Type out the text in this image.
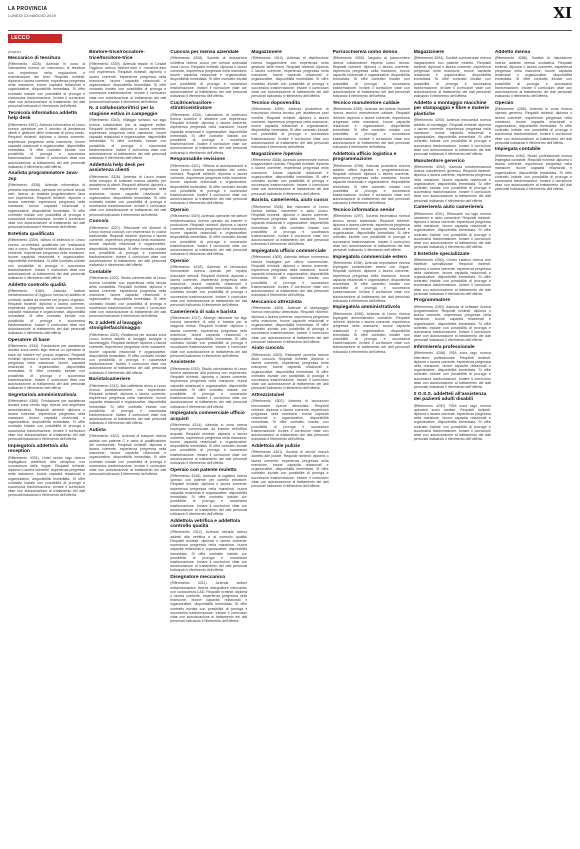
LA PROVINCIA
LUNEDÌ 13 MAGGIO 2019	XI
LECCO
(segue)
Meccanico di tessitura

(Riferimento 4328). Azienda in zona di Valmadrera ricerca un meccanico di tessitura con esperienza nella regolazione e manutenzione dei telai. Requisiti richiesti: diploma o laurea coerente, esperienza pregressa nella mansione, buone capacità relazionali e organizzative, disponibilità immediata. Si offre contratto iniziale con possibilità di proroga e successiva trasformazione. Inviare il curriculum vitae con autorizzazione al trattamento dei dati personali indicando il riferimento dell'offerta.

Tecnico/a informatico addetto help desk

(Riferimento 4357). Azienda informatica di Lecco ricerca operatore per il servizio di assistenza clienti e gestione delle chiamate di primo livello. Requisiti richiesti: diploma o laurea coerente, esperienza pregressa nella mansione, buone capacità relazionali e organizzative, disponibilità immediata. Si offre contratto iniziale con possibilità di proroga e successiva trasformazione. Inviare il curriculum vitae con autorizzazione al trattamento dei dati personali indicando il riferimento dell'offerta.

Analista programmatore Java-Jsp

(Riferimento 4336). Azienda informatica di primaria importanza, operante nel settore servizi web, ricerca un analista programmatore Java con esperienza. Requisiti richiesti: diploma o laurea coerente, esperienza pregressa nella mansione, buone capacità relazionali e organizzative, disponibilità immediata. Si offre contratto iniziale con possibilità di proroga e successiva trasformazione. Inviare il curriculum vitae con autorizzazione al trattamento dei dati personali indicando il riferimento dell'offerta.

Estetista qualificata

(Riferimento 4339). Istituto di bellezza in Lecco ricerca un'estetista qualificata per trattamenti viso e corpo. Requisiti richiesti: diploma o laurea coerente, esperienza pregressa nella mansione, buone capacità relazionali e organizzative, disponibilità immediata. Si offre contratto iniziale con possibilità di proroga e successiva trasformazione. Inviare il curriculum vitae con autorizzazione al trattamento dei dati personali indicando il riferimento dell'offerta.

Addetto controllo qualità

(Riferimento 4360). Azienda settore metalmeccanico di Oggiono ricerca un addetto al controllo qualità da inserire nel proprio organico. Requisiti richiesti: diploma o laurea coerente, esperienza pregressa nella mansione, buone capacità relazionali e organizzative, disponibilità immediata. Si offre contratto iniziale con possibilità di proroga e successiva trasformazione. Inviare il curriculum vitae con autorizzazione al trattamento dei dati personali indicando il riferimento dell'offerta.

Operatore di base

(Riferimento 4334). Fondazione per assistenza anziani zona centro lago ricerca un operatore di base da inserire nel proprio organico. Requisiti richiesti: diploma o laurea coerente, esperienza pregressa nella mansione, buone capacità relazionali e organizzative, disponibilità immediata. Si offre contratto iniziale con possibilità di proroga e successiva trasformazione. Inviare il curriculum vitae con autorizzazione al trattamento dei dati personali indicando il riferimento dell'offerta.

Segretario/a amministrativo/a

(Riferimento 4350). Fondazione per assistenza anziani zona centro lago ricerca una segretaria amministrativa. Requisiti richiesti: diploma o laurea coerente, esperienza pregressa nella mansione, buone capacità relazionali e organizzative, disponibilità immediata. Si offre contratto iniziale con possibilità di proroga e successiva trasformazione. Inviare il curriculum vitae con autorizzazione al trattamento dei dati personali indicando il riferimento dell'offerta.

Impiegato/a addetto/a alla reception

(Riferimento 4331). Hotel centro lago ricerca impiegato/a addetto/a alla reception con conoscenza delle lingue. Requisiti richiesti: diploma o laurea coerente, esperienza pregressa nella mansione, buone capacità relazionali e organizzative, disponibilità immediata. Si offre contratto iniziale con possibilità di proroga e successiva trasformazione. Inviare il curriculum vitae con autorizzazione al trattamento dei dati personali indicando il riferimento dell'offerta.

Binitore-trice/roccatore-trice/torcitore-trice

(Riferimento 4339). Azienda tessile in Cesate Oggiono ricerca binitore-trice e roccatore-trice con esperienza. Requisiti richiesti: diploma o laurea coerente, esperienza pregressa nella mansione, buone capacità relazionali e organizzative, disponibilità immediata. Si offre contratto iniziale con possibilità di proroga e successiva trasformazione. Inviare il curriculum vitae con autorizzazione al trattamento dei dati personali indicando il riferimento dell'offerta.

N. 4 collaboratori/trici per la stagione estiva in campeggio

(Riferimento 4343). Villaggio turistico sul lago ricerca collaboratori per la stagione estiva. Requisiti richiesti: diploma o laurea coerente, esperienza pregressa nella mansione, buone capacità relazionali e organizzative, disponibilità immediata. Si offre contratto iniziale con possibilità di proroga e successiva trasformazione. Inviare il curriculum vitae con autorizzazione al trattamento dei dati personali indicando il riferimento dell'offerta.

Addetto/a help desk per assistenza clienti

(Riferimento 4326). Azienda di Lecco leader nella sviluppo di software ricerca addetto per assistenza ai clienti. Requisiti richiesti: diploma o laurea coerente, esperienza pregressa nella mansione, buone capacità relazionali e organizzative, disponibilità immediata. Si offre contratto iniziale con possibilità di proroga e successiva trasformazione. Inviare il curriculum vitae con autorizzazione al trattamento dei dati personali indicando il riferimento dell'offerta.

Cuoco/a

(Riferimento 4327). Ristorante nei dintorni di Lecco ricerca cuoco/a con esperienza in cucina tradizionale. Requisiti richiesti: diploma o laurea coerente, esperienza pregressa nella mansione, buone capacità relazionali e organizzative, disponibilità immediata. Si offre contratto iniziale con possibilità di proroga e successiva trasformazione. Inviare il curriculum vitae con autorizzazione al trattamento dei dati personali indicando il riferimento dell'offerta.

Contabile

(Riferimento 4320). Studio commerciale di Lecco ricerca contabile con esperienza nella tenuta della contabilità. Requisiti richiesti: diploma o laurea coerente, esperienza pregressa nella mansione, buone capacità relazionali e organizzative, disponibilità immediata. Si offre contratto iniziale con possibilità di proroga e successiva trasformazione. Inviare il curriculum vitae con autorizzazione al trattamento dei dati personali indicando il riferimento dell'offerta.

N. 2 addetti al lavaggio stoviglie/facchinaggio

(Riferimento 4325). Residenza per anziani zona Lecco ricerca addetti al lavaggio stoviglie e facchinaggio. Requisiti richiesti: diploma o laurea coerente, esperienza pregressa nella mansione, buone capacità relazionali e organizzative, disponibilità immediata. Si offre contratto iniziale con possibilità di proroga e successiva trasformazione. Inviare il curriculum vitae con autorizzazione al trattamento dei dati personali indicando il riferimento dell'offerta.

Barista/cameriere

(Riferimento 4313). Bar caffetteria vicino a Lecco ricerca barista/cameriere con esperienza. Requisiti richiesti: diploma o laurea coerente, esperienza pregressa nella mansione, buone capacità relazionali e organizzative, disponibilità immediata. Si offre contratto iniziale con possibilità di proroga e successiva trasformazione. Inviare il curriculum vitae con autorizzazione al trattamento dei dati personali indicando il riferimento dell'offerta.

Autista

(Riferimento 4322). Azienda di trasporti ricerca autista con patente C e carta di qualificazione del conducente. Requisiti richiesti: diploma o laurea coerente, esperienza pregressa nella mansione, buone capacità relazionali e organizzative, disponibilità immediata. Si offre contratto iniziale con possibilità di proroga e successiva trasformazione. Inviare il curriculum vitae con autorizzazione al trattamento dei dati personali indicando il riferimento dell'offerta.

Cuoco/a per mensa aziendale

(Riferimento 4328). Società di ristorazione collettiva ricerca cuoco per mensa aziendale zona Lecco. Requisiti richiesti: diploma o laurea coerente, esperienza pregressa nella mansione, buone capacità relazionali e organizzative, disponibilità immediata. Si offre contratto iniziale con possibilità di proroga e successiva trasformazione. Inviare il curriculum vitae con autorizzazione al trattamento dei dati personali indicando il riferimento dell'offerta.

Cucitrice/cucitore - stiratrice/stiratore

(Riferimento 4324). Laboratorio di confezioni ricerca cucitrice e stiratrice con esperienza. Requisiti richiesti: diploma o laurea coerente, esperienza pregressa nella mansione, buone capacità relazionali e organizzative, disponibilità immediata. Si offre contratto iniziale con possibilità di proroga e successiva trasformazione. Inviare il curriculum vitae con autorizzazione al trattamento dei dati personali indicando il riferimento dell'offerta.

Responsabile revisione

(Riferimento 4321). Officina di autoriparazioni in zona Lecco ricerca responsabile del centro revisioni. Requisiti richiesti: diploma o laurea coerente, esperienza pregressa nella mansione, buone capacità relazionali e organizzative, disponibilità immediata. Si offre contratto iniziale con possibilità di proroga e successiva trasformazione. Inviare il curriculum vitae con autorizzazione al trattamento dei dati personali indicando il riferimento dell'offerta.

Operaio

(Riferimento 4319). Azienda operante nel settore metalmeccanico ricerca operaio da inserire in produzione. Requisiti richiesti: diploma o laurea coerente, esperienza pregressa nella mansione, buone capacità relazionali e organizzative, disponibilità immediata. Si offre contratto iniziale con possibilità di proroga e successiva trasformazione. Inviare il curriculum vitae con autorizzazione al trattamento dei dati personali indicando il riferimento dell'offerta.

Operaio

(Riferimento 4318). Azienda di lavorazioni meccaniche ricerca operaio per reparto macchine utensili. Requisiti richiesti: diploma o laurea coerente, esperienza pregressa nella mansione, buone capacità relazionali e organizzative, disponibilità immediata. Si offre contratto iniziale con possibilità di proroga e successiva trasformazione. Inviare il curriculum vitae con autorizzazione al trattamento dei dati personali indicando il riferimento dell'offerta.

Cameriere/a di sala e barista

(Riferimento 4317). Albergo ristorante sul lago ricerca cameriere di sala e barista per la stagione estiva. Requisiti richiesti: diploma o laurea coerente, esperienza pregressa nella mansione, buone capacità relazionali e organizzative, disponibilità immediata. Si offre contratto iniziale con possibilità di proroga e successiva trasformazione. Inviare il curriculum vitae con autorizzazione al trattamento dei dati personali indicando il riferimento dell'offerta.

Assistente

(Riferimento 4315). Studio odontoiatrico di Lecco ricerca assistente alla poltrona con esperienza. Requisiti richiesti: diploma o laurea coerente, esperienza pregressa nella mansione, buone capacità relazionali e organizzative, disponibilità immediata. Si offre contratto iniziale con possibilità di proroga e successiva trasformazione. Inviare il curriculum vitae con autorizzazione al trattamento dei dati personali indicando il riferimento dell'offerta.

Impiegato/a commerciale ufficio acquisti

(Riferimento 4314). Azienda in zona ricerca impiegato commerciale da inserire nell'ufficio acquisti. Requisiti richiesti: diploma o laurea coerente, esperienza pregressa nella mansione, buone capacità relazionali e organizzative, disponibilità immediata. Si offre contratto iniziale con possibilità di proroga e successiva trasformazione. Inviare il curriculum vitae con autorizzazione al trattamento dei dati personali indicando il riferimento dell'offerta.

Operaio con patente muletto

(Riferimento 4316). Azienda di logistica ricerca operaio con patente per carrello elevatore. Requisiti richiesti: diploma o laurea coerente, esperienza pregressa nella mansione, buone capacità relazionali e organizzative, disponibilità immediata. Si offre contratto iniziale con possibilità di proroga e successiva trasformazione. Inviare il curriculum vitae con autorizzazione al trattamento dei dati personali indicando il riferimento dell'offerta.

Addetto/a vetrifica e addetto/a controllo qualità

(Riferimento 4312). Azienda vetraria ricerca addetti alla vetrifica e al controllo qualità. Requisiti richiesti: diploma o laurea coerente, esperienza pregressa nella mansione, buone capacità relazionali e organizzative, disponibilità immediata. Si offre contratto iniziale con possibilità di proroga e successiva trasformazione. Inviare il curriculum vitae con autorizzazione al trattamento dei dati personali indicando il riferimento dell'offerta.

Disegnatore meccanico

(Riferimento 4311). Azienda settore metalmeccanico ricerca disegnatore meccanico con conoscenza CAD. Requisiti richiesti: diploma o laurea coerente, esperienza pregressa nella mansione, buone capacità relazionali e organizzative, disponibilità immediata. Si offre contratto iniziale con possibilità di proroga e successiva trasformazione. Inviare il curriculum vitae con autorizzazione al trattamento dei dati personali indicando il riferimento dell'offerta.

Magazziniere

(Riferimento 4310). Azienda di distribuzione ricerca magazziniere con esperienza nella gestione delle merci. Requisiti richiesti: diploma o laurea coerente, esperienza pregressa nella mansione, buone capacità relazionali e organizzative, disponibilità immediata. Si offre contratto iniziale con possibilità di proroga e successiva trasformazione. Inviare il curriculum vitae con autorizzazione al trattamento dei dati personali indicando il riferimento dell'offerta.

Tecnico dopovendita

(Riferimento 4309). Azienda produttrice di macchinari ricerca tecnico per assistenza post vendita. Requisiti richiesti: diploma o laurea coerente, esperienza pregressa nella mansione, buone capacità relazionali e organizzative, disponibilità immediata. Si offre contratto iniziale con possibilità di proroga e successiva trasformazione. Inviare il curriculum vitae con autorizzazione al trattamento dei dati personali indicando il riferimento dell'offerta.

Magazziniere /operaio

(Riferimento 4308). Azienda commerciale ricerca magazziniere operaio. Requisiti richiesti: diploma o laurea coerente, esperienza pregressa nella mansione, buone capacità relazionali e organizzative, disponibilità immediata. Si offre contratto iniziale con possibilità di proroga e successiva trasformazione. Inviare il curriculum vitae con autorizzazione al trattamento dei dati personali indicando il riferimento dell'offerta.

Barista, cameriere/a, aiuto cuoco

(Riferimento 4306). Bar ristorante in Lecco ricerca barista, cameriere e aiuto cuoco. Requisiti richiesti: diploma o laurea coerente, esperienza pregressa nella mansione, buone capacità relazionali e organizzative, disponibilità immediata. Si offre contratto iniziale con possibilità di proroga e successiva trasformazione. Inviare il curriculum vitae con autorizzazione al trattamento dei dati personali indicando il riferimento dell'offerta.

Impiegato/a ufficio commerciale

(Riferimento 4305). Azienda settore commercio ricerca impiegata per ufficio commerciale. Requisiti richiesti: diploma o laurea coerente, esperienza pregressa nella mansione, buone capacità relazionali e organizzative, disponibilità immediata. Si offre contratto iniziale con possibilità di proroga e successiva trasformazione. Inviare il curriculum vitae con autorizzazione al trattamento dei dati personali indicando il riferimento dell'offerta.

Meccanico attrezzista

(Riferimento 4304). Azienda di stampaggio ricerca meccanico attrezzista. Requisiti richiesti: diploma o laurea coerente, esperienza pregressa nella mansione, buone capacità relazionali e organizzative, disponibilità immediata. Si offre contratto iniziale con possibilità di proroga e successiva trasformazione. Inviare il curriculum vitae con autorizzazione al trattamento dei dati personali indicando il riferimento dell'offerta.

Aiuto cuoco/a

(Riferimento 4303). Ristorante pizzeria ricerca aiuto cuoco/a. Requisiti richiesti: diploma o laurea coerente, esperienza pregressa nella mansione, buone capacità relazionali e organizzative, disponibilità immediata. Si offre contratto iniziale con possibilità di proroga e successiva trasformazione. Inviare il curriculum vitae con autorizzazione al trattamento dei dati personali indicando il riferimento dell'offerta.

Attrezzista/sel

(Riferimento 4302). Azienda di lavorazioni meccaniche ricerca attrezzista. Requisiti richiesti: diploma o laurea coerente, esperienza pregressa nella mansione, buone capacità relazionali e organizzative, disponibilità immediata. Si offre contratto iniziale con possibilità di proroga e successiva trasformazione. Inviare il curriculum vitae con autorizzazione al trattamento dei dati personali indicando il riferimento dell'offerta.

Addetto/a alle pulizie

(Riferimento 4301). Società di servizi ricerca addetto alle pulizie. Requisiti richiesti: diploma o laurea coerente, esperienza pregressa nella mansione, buone capacità relazionali e organizzative, disponibilità immediata. Si offre contratto iniziale con possibilità di proroga e successiva trasformazione. Inviare il curriculum vitae con autorizzazione al trattamento dei dati personali indicando il riferimento dell'offerta.

Parrucchiere/a uomo donna

(Riferimento 4300). Negozio di parrucchiere ricerca collaboratore esperto uomo donna. Requisiti richiesti: diploma o laurea coerente, esperienza pregressa nella mansione, buone capacità relazionali e organizzative, disponibilità immediata. Si offre contratto iniziale con possibilità di proroga e successiva trasformazione. Inviare il curriculum vitae con autorizzazione al trattamento dei dati personali indicando il riferimento dell'offerta.

Tecnico manutentore caldaie

(Riferimento 4299). Azienda del settore impianti ricerca tecnico manutentore caldaie. Requisiti richiesti: diploma o laurea coerente, esperienza pregressa nella mansione, buone capacità relazionali e organizzative, disponibilità immediata. Si offre contratto iniziale con possibilità di proroga e successiva trasformazione. Inviare il curriculum vitae con autorizzazione al trattamento dei dati personali indicando il riferimento dell'offerta.

Addetto/a ufficio logistica e programmazione

(Riferimento 4298). Azienda produttiva ricerca addetto ufficio logistica e programmazione. Requisiti richiesti: diploma o laurea coerente, esperienza pregressa nella mansione, buone capacità relazionali e organizzative, disponibilità immediata. Si offre contratto iniziale con possibilità di proroga e successiva trasformazione. Inviare il curriculum vitae con autorizzazione al trattamento dei dati personali indicando il riferimento dell'offerta.

Tecnico informatico senior

(Riferimento 4297). Società informatica ricerca tecnico senior sistemista. Requisiti richiesti: diploma o laurea coerente, esperienza pregressa nella mansione, buone capacità relazionali e organizzative, disponibilità immediata. Si offre contratto iniziale con possibilità di proroga e successiva trasformazione. Inviare il curriculum vitae con autorizzazione al trattamento dei dati personali indicando il riferimento dell'offerta.

Impiegato/a commerciale estero

(Riferimento 4296). Azienda esportatrice ricerca impiegato commerciale estero con lingue. Requisiti richiesti: diploma o laurea coerente, esperienza pregressa nella mansione, buone capacità relazionali e organizzative, disponibilità immediata. Si offre contratto iniziale con possibilità di proroga e successiva trasformazione. Inviare il curriculum vitae con autorizzazione al trattamento dei dati personali indicando il riferimento dell'offerta.

Impiegato/a amministrativo/a

(Riferimento 4295). Azienda di Lecco ricerca impiegato amministrativo contabile. Requisiti richiesti: diploma o laurea coerente, esperienza pregressa nella mansione, buone capacità relazionali e organizzative, disponibilità immediata. Si offre contratto iniziale con possibilità di proroga e successiva trasformazione. Inviare il curriculum vitae con autorizzazione al trattamento dei dati personali indicando il riferimento dell'offerta.

Magazziniere

(Riferimento 4294). Società commerciale ricerca magazziniere con patente muletto. Requisiti richiesti: diploma o laurea coerente, esperienza pregressa nella mansione, buone capacità relazionali e organizzative, disponibilità immediata. Si offre contratto iniziale con possibilità di proroga e successiva trasformazione. Inviare il curriculum vitae con autorizzazione al trattamento dei dati personali indicando il riferimento dell'offerta.

Addetto a montaggio macchine per stampaggio e fibre e materie plastiche

(Riferimento 4293). Azienda meccanica ricerca addetto al montaggio. Requisiti richiesti: diploma o laurea coerente, esperienza pregressa nella mansione, buone capacità relazionali e organizzative, disponibilità immediata. Si offre contratto iniziale con possibilità di proroga e successiva trasformazione. Inviare il curriculum vitae con autorizzazione al trattamento dei dati personali indicando il riferimento dell'offerta.

Manutentore generico

(Riferimento 4292). Azienda metalmeccanica ricerca manutentore generico. Requisiti richiesti: diploma o laurea coerente, esperienza pregressa nella mansione, buone capacità relazionali e organizzative, disponibilità immediata. Si offre contratto iniziale con possibilità di proroga e successiva trasformazione. Inviare il curriculum vitae con autorizzazione al trattamento dei dati personali indicando il riferimento dell'offerta.

Cameriere/a aiuto cameriere/a

(Riferimento 4291). Ristorante sul lago ricerca cameriere e aiuto cameriere. Requisiti richiesti: diploma o laurea coerente, esperienza pregressa nella mansione, buone capacità relazionali e organizzative, disponibilità immediata. Si offre contratto iniziale con possibilità di proroga e successiva trasformazione. Inviare il curriculum vitae con autorizzazione al trattamento dei dati personali indicando il riferimento dell'offerta.

2 Estetiste specializzate

(Riferimento 4290). Centro estetico ricerca due estetiste specializzate. Requisiti richiesti: diploma o laurea coerente, esperienza pregressa nella mansione, buone capacità relazionali e organizzative, disponibilità immediata. Si offre contratto iniziale con possibilità di proroga e successiva trasformazione. Inviare il curriculum vitae con autorizzazione al trattamento dei dati personali indicando il riferimento dell'offerta.

Programmatore

(Riferimento 4289). Azienda di software ricerca programmatore. Requisiti richiesti: diploma o laurea coerente, esperienza pregressa nella mansione, buone capacità relazionali e organizzative, disponibilità immediata. Si offre contratto iniziale con possibilità di proroga e successiva trasformazione. Inviare il curriculum vitae con autorizzazione al trattamento dei dati personali indicando il riferimento dell'offerta.

Infermiere/a professionale

(Riferimento 4288). RSA zona lago ricerca infermiere professionale. Requisiti richiesti: diploma o laurea coerente, esperienza pregressa nella mansione, buone capacità relazionali e organizzative, disponibilità immediata. Si offre contratto iniziale con possibilità di proroga e successiva trasformazione. Inviare il curriculum vitae con autorizzazione al trattamento dei dati personali indicando il riferimento dell'offerta.

2 O.S.S. addette/i all'assistenza dei pazienti adulti disabili

(Riferimento 4287). RSA zona lago ricerca operatori socio sanitari. Requisiti richiesti: diploma o laurea coerente, esperienza pregressa nella mansione, buone capacità relazionali e organizzative, disponibilità immediata. Si offre contratto iniziale con possibilità di proroga e successiva trasformazione. Inviare il curriculum vitae con autorizzazione al trattamento dei dati personali indicando il riferimento dell'offerta.

Addetto mensa

(Riferimento 4286). Società di ristorazione ricerca addetto mensa scolastica. Requisiti richiesti: diploma o laurea coerente, esperienza pregressa nella mansione, buone capacità relazionali e organizzative, disponibilità immediata. Si offre contratto iniziale con possibilità di proroga e successiva trasformazione. Inviare il curriculum vitae con autorizzazione al trattamento dei dati personali indicando il riferimento dell'offerta.

Operaio

(Riferimento 4285). Azienda in zona ricerca operaio generico. Requisiti richiesti: diploma o laurea coerente, esperienza pregressa nella mansione, buone capacità relazionali e organizzative, disponibilità immediata. Si offre contratto iniziale con possibilità di proroga e successiva trasformazione. Inviare il curriculum vitae con autorizzazione al trattamento dei dati personali indicando il riferimento dell'offerta.

Impiegata contabile

(Riferimento 4284). Studio professionale ricerca impiegata contabile. Requisiti richiesti: diploma o laurea coerente, esperienza pregressa nella mansione, buone capacità relazionali e organizzative, disponibilità immediata. Si offre contratto iniziale con possibilità di proroga e successiva trasformazione. Inviare il curriculum vitae con autorizzazione al trattamento dei dati personali indicando il riferimento dell'offerta.
